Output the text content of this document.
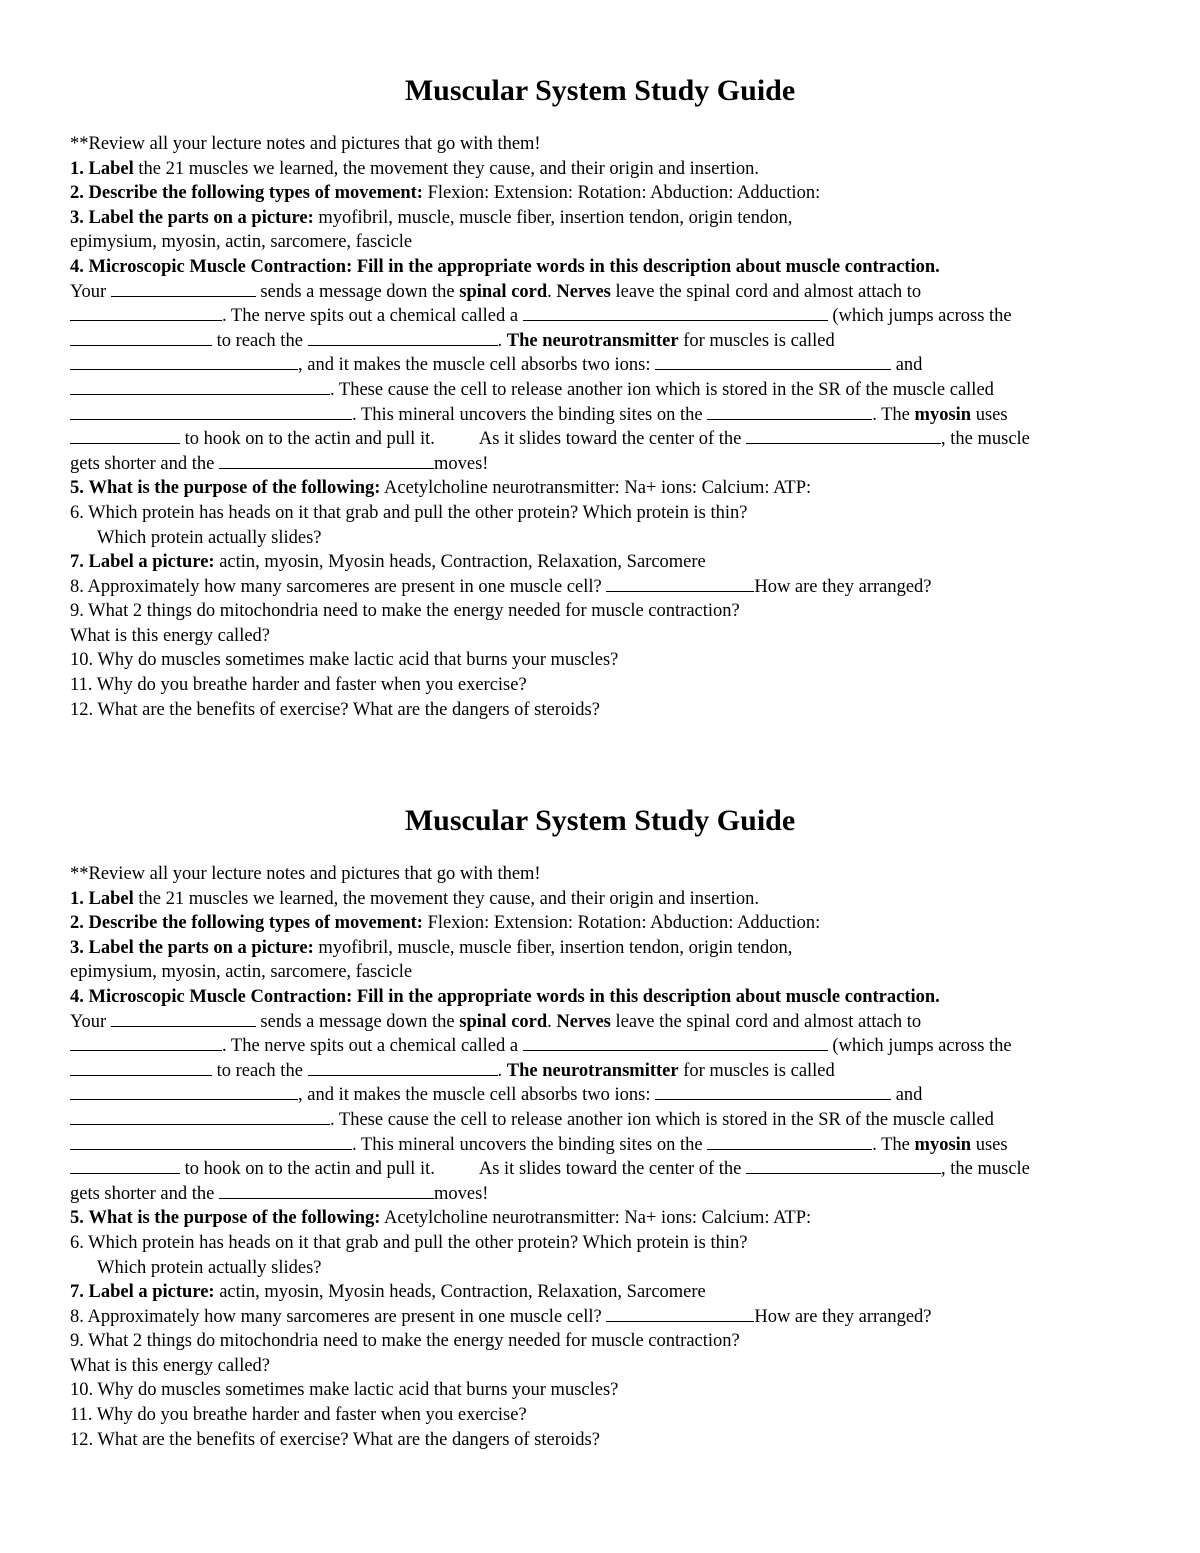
Muscular System Study Guide
**Review all your lecture notes and pictures that go with them!
1. Label the 21 muscles we learned, the movement they cause, and their origin and insertion.
2. Describe the following types of movement: Flexion: Extension: Rotation: Abduction: Adduction:
3. Label the parts on a picture: myofibril, muscle, muscle fiber, insertion tendon, origin tendon,
epimysium, myosin, actin, sarcomere, fascicle
4. Microscopic Muscle Contraction: Fill in the appropriate words in this description about muscle contraction.
Your	sends a message down the spinal cord. Nerves leave the spinal cord and almost attach to
. The nerve spits out a chemical called a	(which jumps across the
to reach the	. The neurotransmitter for muscles is called
, and it makes the muscle cell absorbs two ions:	and
. These cause the cell to release another ion which is stored in the SR of the muscle called
. This mineral uncovers the binding sites on the	. The myosin uses
to hook on to the actin and pull it. As it slides toward the center of the	, the muscle
gets shorter and the	moves!
5. What is the purpose of the following: Acetylcholine neurotransmitter: Na+ ions: Calcium: ATP:
6. Which protein has heads on it that grab and pull the other protein? Which protein is thin?
Which protein actually slides?
7. Label a picture: actin, myosin, Myosin heads, Contraction, Relaxation, Sarcomere
8. Approximately how many sarcomeres are present in one muscle cell?	How are they arranged?
9. What 2 things do mitochondria need to make the energy needed for muscle contraction?
What is this energy called?
10. Why do muscles sometimes make lactic acid that burns your muscles?
11. Why do you breathe harder and faster when you exercise?
12. What are the benefits of exercise? What are the dangers of steroids?
Muscular System Study Guide
**Review all your lecture notes and pictures that go with them!
1. Label the 21 muscles we learned, the movement they cause, and their origin and insertion.
2. Describe the following types of movement: Flexion: Extension: Rotation: Abduction: Adduction:
3. Label the parts on a picture: myofibril, muscle, muscle fiber, insertion tendon, origin tendon,
epimysium, myosin, actin, sarcomere, fascicle
4. Microscopic Muscle Contraction: Fill in the appropriate words in this description about muscle contraction.
Your	sends a message down the spinal cord. Nerves leave the spinal cord and almost attach to
. The nerve spits out a chemical called a	(which jumps across the
to reach the	. The neurotransmitter for muscles is called
, and it makes the muscle cell absorbs two ions:	and
. These cause the cell to release another ion which is stored in the SR of the muscle called
. This mineral uncovers the binding sites on the	. The myosin uses
to hook on to the actin and pull it. As it slides toward the center of the	, the muscle
gets shorter and the	moves!
5. What is the purpose of the following: Acetylcholine neurotransmitter: Na+ ions: Calcium: ATP:
6. Which protein has heads on it that grab and pull the other protein? Which protein is thin?
Which protein actually slides?
7. Label a picture: actin, myosin, Myosin heads, Contraction, Relaxation, Sarcomere
8. Approximately how many sarcomeres are present in one muscle cell?	How are they arranged?
9. What 2 things do mitochondria need to make the energy needed for muscle contraction?
What is this energy called?
10. Why do muscles sometimes make lactic acid that burns your muscles?
11. Why do you breathe harder and faster when you exercise?
12. What are the benefits of exercise? What are the dangers of steroids?
